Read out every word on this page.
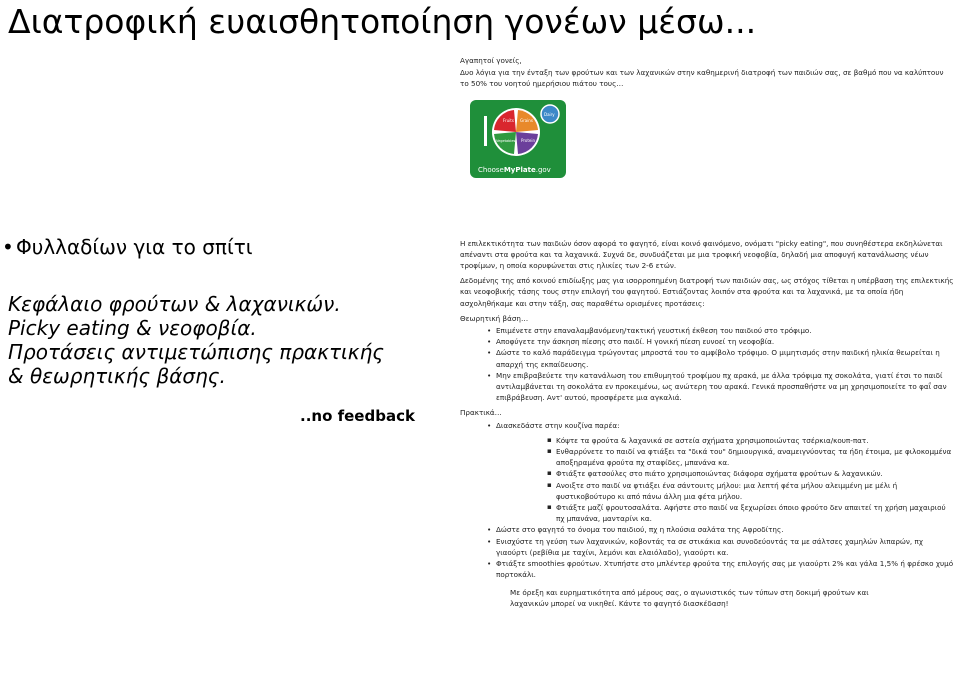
Διατροφική ευαισθητοποίηση γονέων μέσω...
• Φυλλαδίων για το σπίτι
Κεφάλαιο φρούτων & λαχανικών.
Picky eating & νεοφοβία.
Προτάσεις αντιμετώπισης πρακτικής
& θεωρητικής βάσης.
..no feedback
Αγαπητοί γονείς,
Δυο λόγια για την ένταξη των φρούτων και των λαχανικών στην καθημερινή διατροφή των παιδιών σας, σε βαθμό που να καλύπτουν το 50% του νοητού ημερήσιου πιάτου τους…
Fruits Grains
Vegetables Protein
Dairy
ChooseMyPlate.gov
Η επιλεκτικότητα των παιδιών όσον αφορά το φαγητό, είναι κοινό φαινόμενο, ονόματι "picky eating", που συνηθέστερα εκδηλώνεται απέναντι στα φρούτα και τα λαχανικά. Συχνά δε, συνδυάζεται με μια τροφική νεοφοβία, δηλαδή μια αποφυγή κατανάλωσης νέων τροφίμων, η οποία κορυφώνεται στις ηλικίες των 2-6 ετών.
Δεδομένης της από κοινού επιδίωξης μας για ισορροπημένη διατροφή των παιδιών σας, ως στόχος τίθεται η υπέρβαση της επιλεκτικής και νεοφοβικής τάσης τους στην επιλογή του φαγητού. Εστιάζοντας λοιπόν στα φρούτα και τα λαχανικά, με τα οποία ήδη ασχοληθήκαμε και στην τάξη, σας παραθέτω ορισμένες προτάσεις:
Θεωρητική βάση…
• Επιμένετε στην επαναλαμβανόμενη/τακτική γευστική έκθεση του παιδιού στο τρόφιμο.
• Αποφύγετε την άσκηση πίεσης στο παιδί. Η γονική πίεση ευνοεί τη νεοφοβία.
• Δώστε το καλό παράδειγμα τρώγοντας μπροστά του το αμφίβολο τρόφιμο. Ο μιμητισμός στην παιδική ηλικία θεωρείται η απαρχή της εκπαίδευσης.
• Μην επιβραβεύετε την κατανάλωση του επιθυμητού τροφίμου πχ αρακά, με άλλα τρόφιμα πχ σοκολάτα, γιατί έτσι το παιδί αντιλαμβάνεται τη σοκολάτα εν προκειμένω, ως ανώτερη του αρακά. Γενικά προσπαθήστε να μη χρησιμοποιείτε το φαΐ σαν επιβράβευση. Αντ' αυτού, προσφέρετε μια αγκαλιά.
Πρακτικά…
• Διασκεδάστε στην κουζίνα παρέα:
▪ Κόψτε τα φρούτα & λαχανικά σε αστεία σχήματα χρησιμοποιώντας τσέρκια/κουπ-πατ.
▪ Ενθαρρύνετε το παιδί να φτιάξει τα "δικά του" δημιουργικά, αναμειγνύοντας τα ήδη έτοιμα, με φιλοκομμένα αποξηραμένα φρούτα πχ σταφίδες, μπανάνα κα.
▪ Φτιάξτε φατσούλες στο πιάτο χρησιμοποιώντας διάφορα σχήματα φρούτων & λαχανικών.
▪ Ανοιξτε στο παιδί να φτιάξει ένα σάντουιτς μήλου: μια λεπτή φέτα μήλου αλειμμένη με μέλι ή φυστικοβούτυρο κι από πάνω άλλη μια φέτα μήλου.
▪ Φτιάξτε μαζί φρουτοσαλάτα. Αφήστε στο παιδί να ξεχωρίσει όποιο φρούτο δεν απαιτεί τη χρήση μαχαιριού πχ μπανάνα, μανταρίνι κα.
• Δώστε στο φαγητό το όνομα του παιδιού, πχ η πλούσια σαλάτα της Αφροδίτης.
• Ενισχύστε τη γεύση των λαχανικών, κοβοντάς τα σε στικάκια και συνοδεύοντάς τα με σάλτσες χαμηλών λιπαρών, πχ γιαούρτι (ρεβίθια με ταχίνι, λεμόνι και ελαιόλαδο), γιαούρτι κα.
• Φτιάξτε smoothies φρούτων. Χτυπήστε στο μπλέντερ φρούτα της επιλογής σας με γιαούρτι 2% και γάλα 1,5% ή φρέσκο χυμό πορτοκάλι.
Με όρεξη και ευρηματικότητα από μέρους σας, ο αγωνιστικός των τύπων στη δοκιμή φρούτων και
λαχανικών μπορεί να νικηθεί. Κάντε το φαγητό διασκέδαση!
